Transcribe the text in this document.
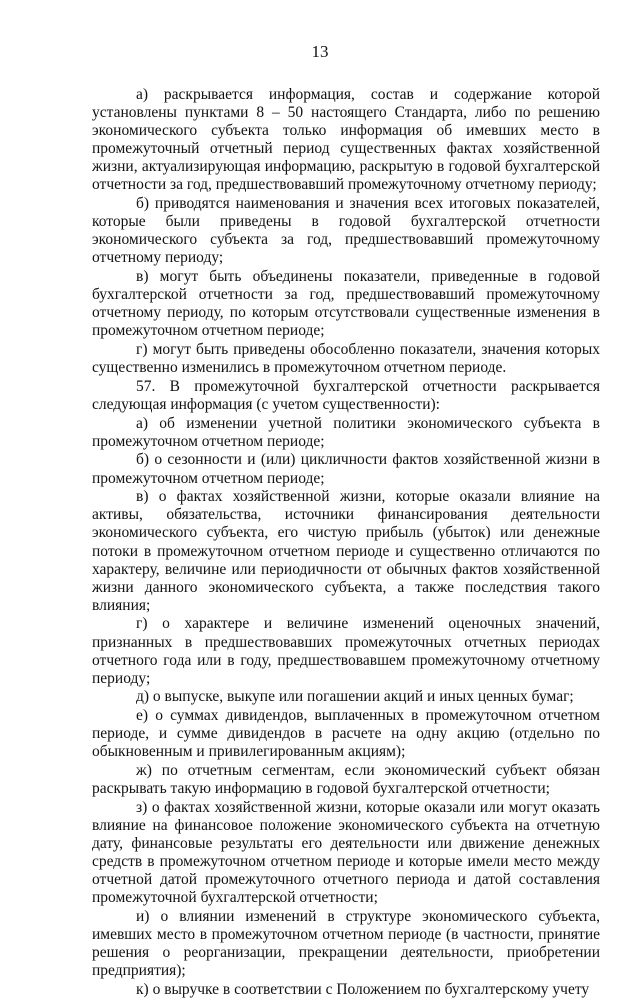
13

а) раскрывается информация, состав и содержание которой установлены пунктами 8 – 50 настоящего Стандарта, либо по решению экономического субъекта только информация об имевших место в промежуточный отчетный период существенных фактах хозяйственной жизни, актуализирующая информацию, раскрытую в годовой бухгалтерской отчетности за год, предшествовавший промежуточному отчетному периоду;

б) приводятся наименования и значения всех итоговых показателей, которые были приведены в годовой бухгалтерской отчетности экономического субъекта за год, предшествовавший промежуточному отчетному периоду;

в) могут быть объединены показатели, приведенные в годовой бухгалтерской отчетности за год, предшествовавший промежуточному отчетному периоду, по которым отсутствовали существенные изменения в промежуточном отчетном периоде;

г) могут быть приведены обособленно показатели, значения которых существенно изменились в промежуточном отчетном периоде.

57. В промежуточной бухгалтерской отчетности раскрывается следующая информация (с учетом существенности):

а) об изменении учетной политики экономического субъекта в промежуточном отчетном периоде;

б) о сезонности и (или) цикличности фактов хозяйственной жизни в промежуточном отчетном периоде;

в) о фактах хозяйственной жизни, которые оказали влияние на активы, обязательства, источники финансирования деятельности экономического субъекта, его чистую прибыль (убыток) или денежные потоки в промежуточном отчетном периоде и существенно отличаются по характеру, величине или периодичности от обычных фактов хозяйственной жизни данного экономического субъекта, а также последствия такого влияния;

г) о характере и величине изменений оценочных значений, признанных в предшествовавших промежуточных отчетных периодах отчетного года или в году, предшествовавшем промежуточному отчетному периоду;

д) о выпуске, выкупе или погашении акций и иных ценных бумаг;

е) о суммах дивидендов, выплаченных в промежуточном отчетном периоде, и сумме дивидендов в расчете на одну акцию (отдельно по обыкновенным и привилегированным акциям);

ж) по отчетным сегментам, если экономический субъект обязан раскрывать такую информацию в годовой бухгалтерской отчетности;

з) о фактах хозяйственной жизни, которые оказали или могут оказать влияние на финансовое положение экономического субъекта на отчетную дату, финансовые результаты его деятельности или движение денежных средств в промежуточном отчетном периоде и которые имели место между отчетной датой промежуточного отчетного периода и датой составления промежуточной бухгалтерской отчетности;

и) о влиянии изменений в структуре экономического субъекта, имевших место в промежуточном отчетном периоде (в частности, принятие решения о реорганизации, прекращении деятельности, приобретении предприятия);

к) о выручке в соответствии с Положением по бухгалтерскому учету
